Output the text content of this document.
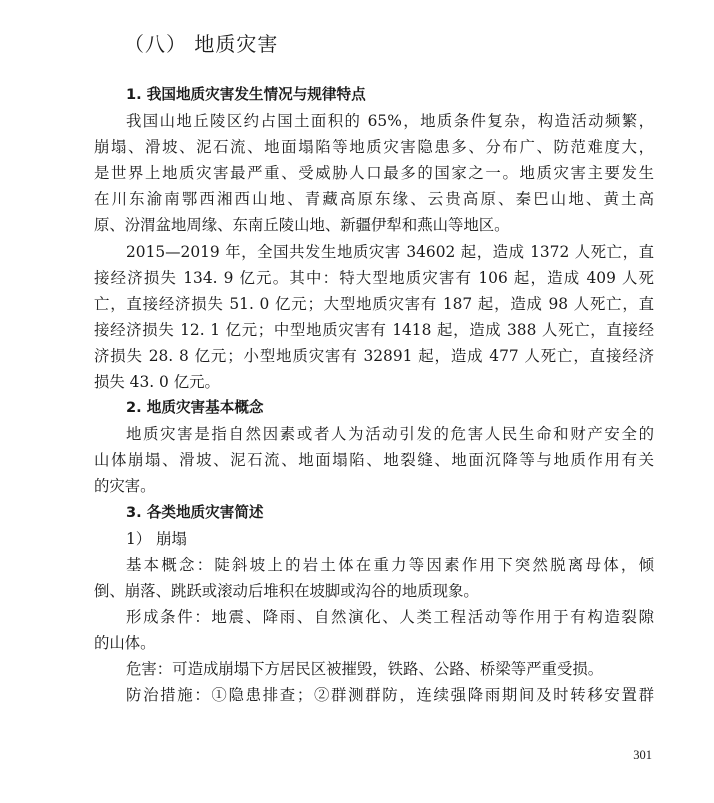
（八） 地质灾害
1. 我国地质灾害发生情况与规律特点
我国山地丘陵区约占国土面积的 65%，地质条件复杂，构造活动频繁，
崩塌、滑坡、泥石流、地面塌陷等地质灾害隐患多、分布广、防范难度大，
是世界上地质灾害最严重、受威胁人口最多的国家之一。地质灾害主要发生
在川东渝南鄂西湘西山地、青藏高原东缘、云贵高原、秦巴山地、黄土高
原、汾渭盆地周缘、东南丘陵山地、新疆伊犁和燕山等地区。
2015—2019 年，全国共发生地质灾害 34602 起，造成 1372 人死亡，直
接经济损失 134. 9 亿元。其中：特大型地质灾害有 106 起，造成 409 人死
亡，直接经济损失 51. 0 亿元；大型地质灾害有 187 起，造成 98 人死亡，直
接经济损失 12. 1 亿元；中型地质灾害有 1418 起，造成 388 人死亡，直接经
济损失 28. 8 亿元；小型地质灾害有 32891 起，造成 477 人死亡，直接经济
损失 43. 0 亿元。
2. 地质灾害基本概念
地质灾害是指自然因素或者人为活动引发的危害人民生命和财产安全的
山体崩塌、滑坡、泥石流、地面塌陷、地裂缝、地面沉降等与地质作用有关
的灾害。
3. 各类地质灾害简述
1） 崩塌
基本概念：陡斜坡上的岩土体在重力等因素作用下突然脱离母体，倾
倒、崩落、跳跃或滚动后堆积在坡脚或沟谷的地质现象。
形成条件：地震、降雨、自然演化、人类工程活动等作用于有构造裂隙
的山体。
危害：可造成崩塌下方居民区被摧毁，铁路、公路、桥梁等严重受损。
防治措施：①隐患排查；②群测群防，连续强降雨期间及时转移安置群
301
